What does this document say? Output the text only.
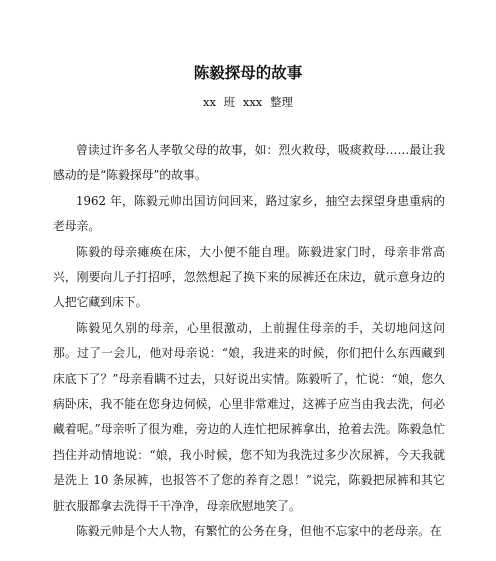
陈毅探母的故事
xx 班 xxx 整理

曾读过许多名人孝敬父母的故事，如：烈火救母，吸痰救母……最让我感动的是“陈毅探母”的故事。

1962 年，陈毅元帅出国访问回来，路过家乡，抽空去探望身患重病的老母亲。

陈毅的母亲瘫痪在床，大小便不能自理。陈毅进家门时，母亲非常高兴，刚要向儿子打招呼，忽然想起了换下来的尿裤还在床边，就示意身边的人把它藏到床下。

陈毅见久别的母亲，心里很激动，上前握住母亲的手，关切地问这问那。过了一会儿，他对母亲说：“娘，我进来的时候，你们把什么东西藏到床底下了？”母亲看瞒不过去，只好说出实情。陈毅听了，忙说：“娘，您久病卧床，我不能在您身边伺候，心里非常难过，这裤子应当由我去洗，何必藏着呢。”母亲听了很为难，旁边的人连忙把尿裤拿出，抢着去洗。陈毅急忙挡住并动情地说：“娘，我小时候，您不知为我洗过多少次尿裤，今天我就是洗上 10 条尿裤，也报答不了您的养育之恩！”说完，陈毅把尿裤和其它脏衣服都拿去洗得干干净净，母亲欣慰地笑了。

陈毅元帅是个大人物，有繁忙的公务在身，但他不忘家中的老母亲。在
